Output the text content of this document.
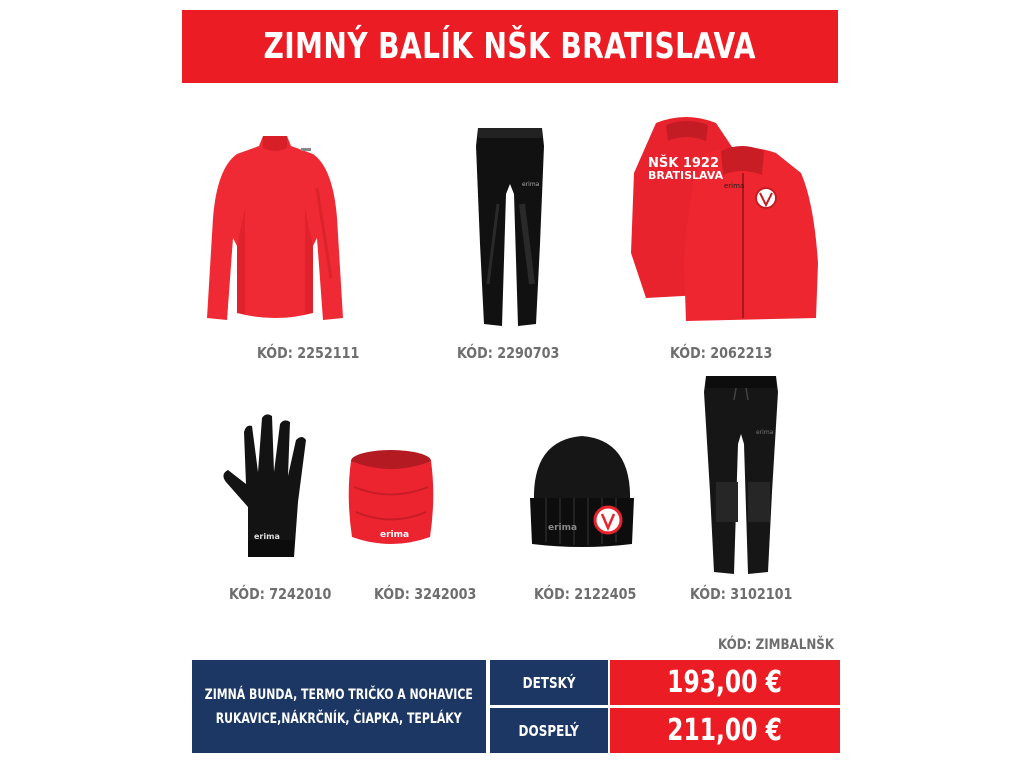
ZIMNÝ BALÍK NŠK BRATISLAVA
erima	erima
NŠK 1922
BRATISLAVA
erima	erima
erima
erima
KÓD: 2252111	KÓD: 2290703	KÓD: 2062213
KÓD: 7242010	KÓD: 3242003	KÓD: 2122405	KÓD: 3102101
KÓD: ZIMBALNŠK
ZIMNÁ BUNDA, TERMO TRIČKO A NOHAVICE
RUKAVICE,NÁKRČNÍK, ČIAPKA, TEPLÁKY
DETSKÝ	193,00 €
DOSPELÝ	211,00 €
